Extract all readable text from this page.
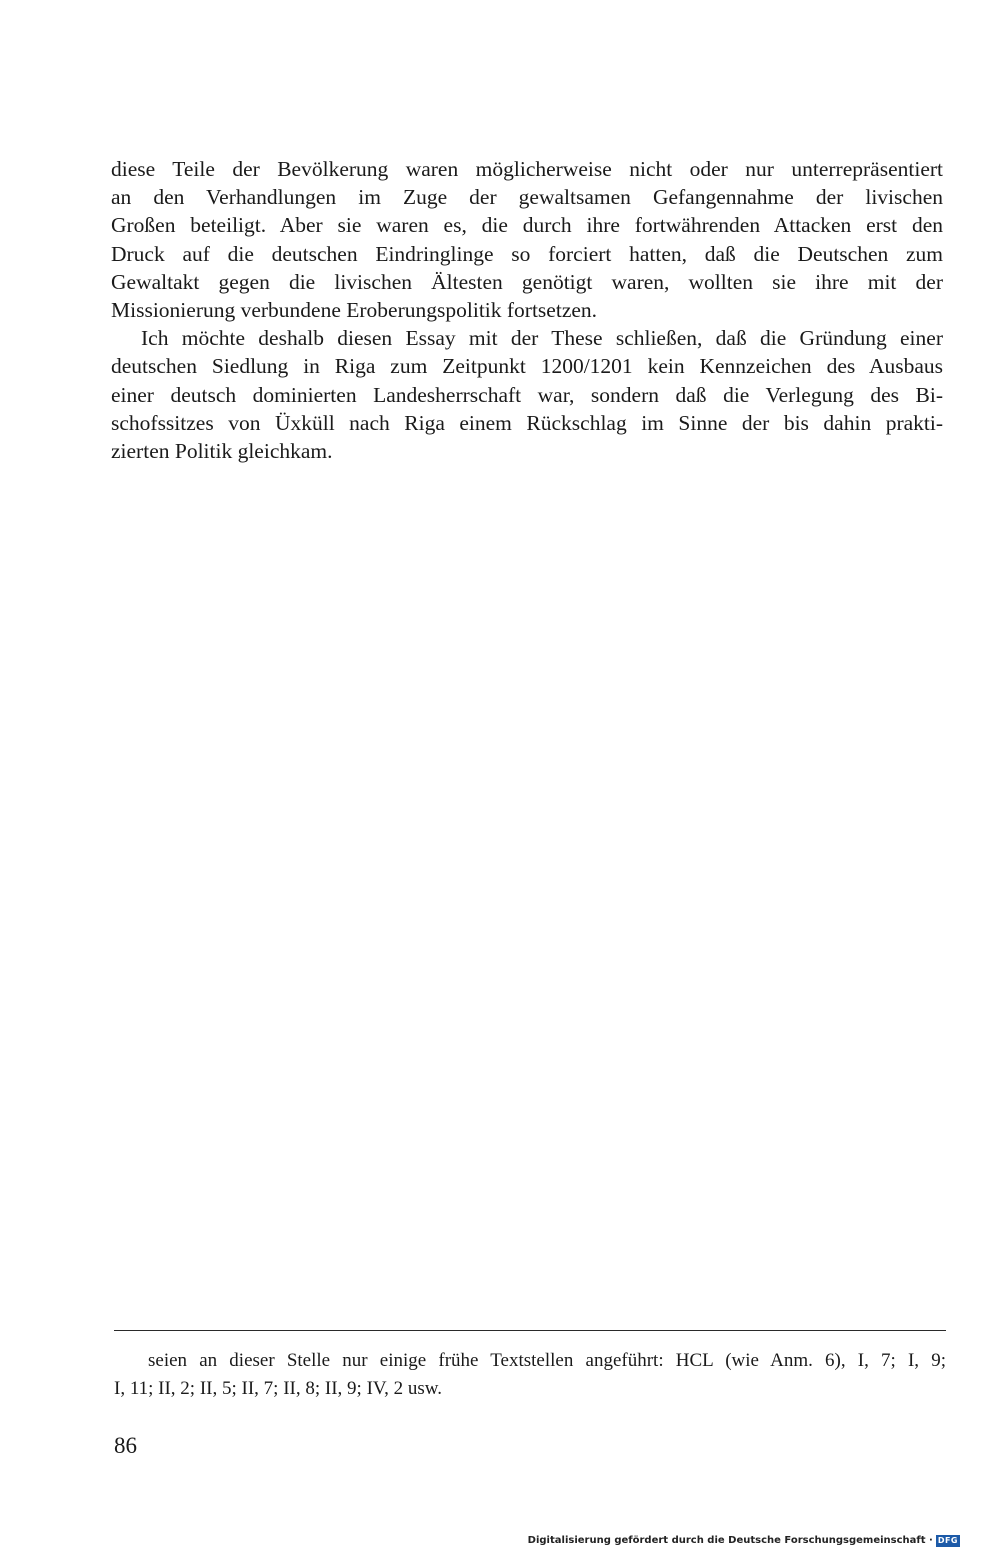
diese Teile der Bevölkerung waren möglicherweise nicht oder nur unterrepräsentiert
an den Verhandlungen im Zuge der gewaltsamen Gefangennahme der livischen
Großen beteiligt. Aber sie waren es, die durch ihre fortwährenden Attacken erst den
Druck auf die deutschen Eindringlinge so forciert hatten, daß die Deutschen zum
Gewaltakt gegen die livischen Ältesten genötigt waren, wollten sie ihre mit der
Missionierung verbundene Eroberungspolitik fortsetzen.
Ich möchte deshalb diesen Essay mit der These schließen, daß die Gründung einer
deutschen Siedlung in Riga zum Zeitpunkt 1200/1201 kein Kennzeichen des Ausbaus
einer deutsch dominierten Landesherrschaft war, sondern daß die Verlegung des Bi-
schofssitzes von Üxküll nach Riga einem Rückschlag im Sinne der bis dahin prakti-
zierten Politik gleichkam.
seien an dieser Stelle nur einige frühe Textstellen angeführt: HCL (wie Anm. 6), I, 7; I, 9;
I, 11; II, 2; II, 5; II, 7; II, 8; II, 9; IV, 2 usw.
86
Digitalisierung gefördert durch die Deutsche Forschungsgemeinschaft · DFG
